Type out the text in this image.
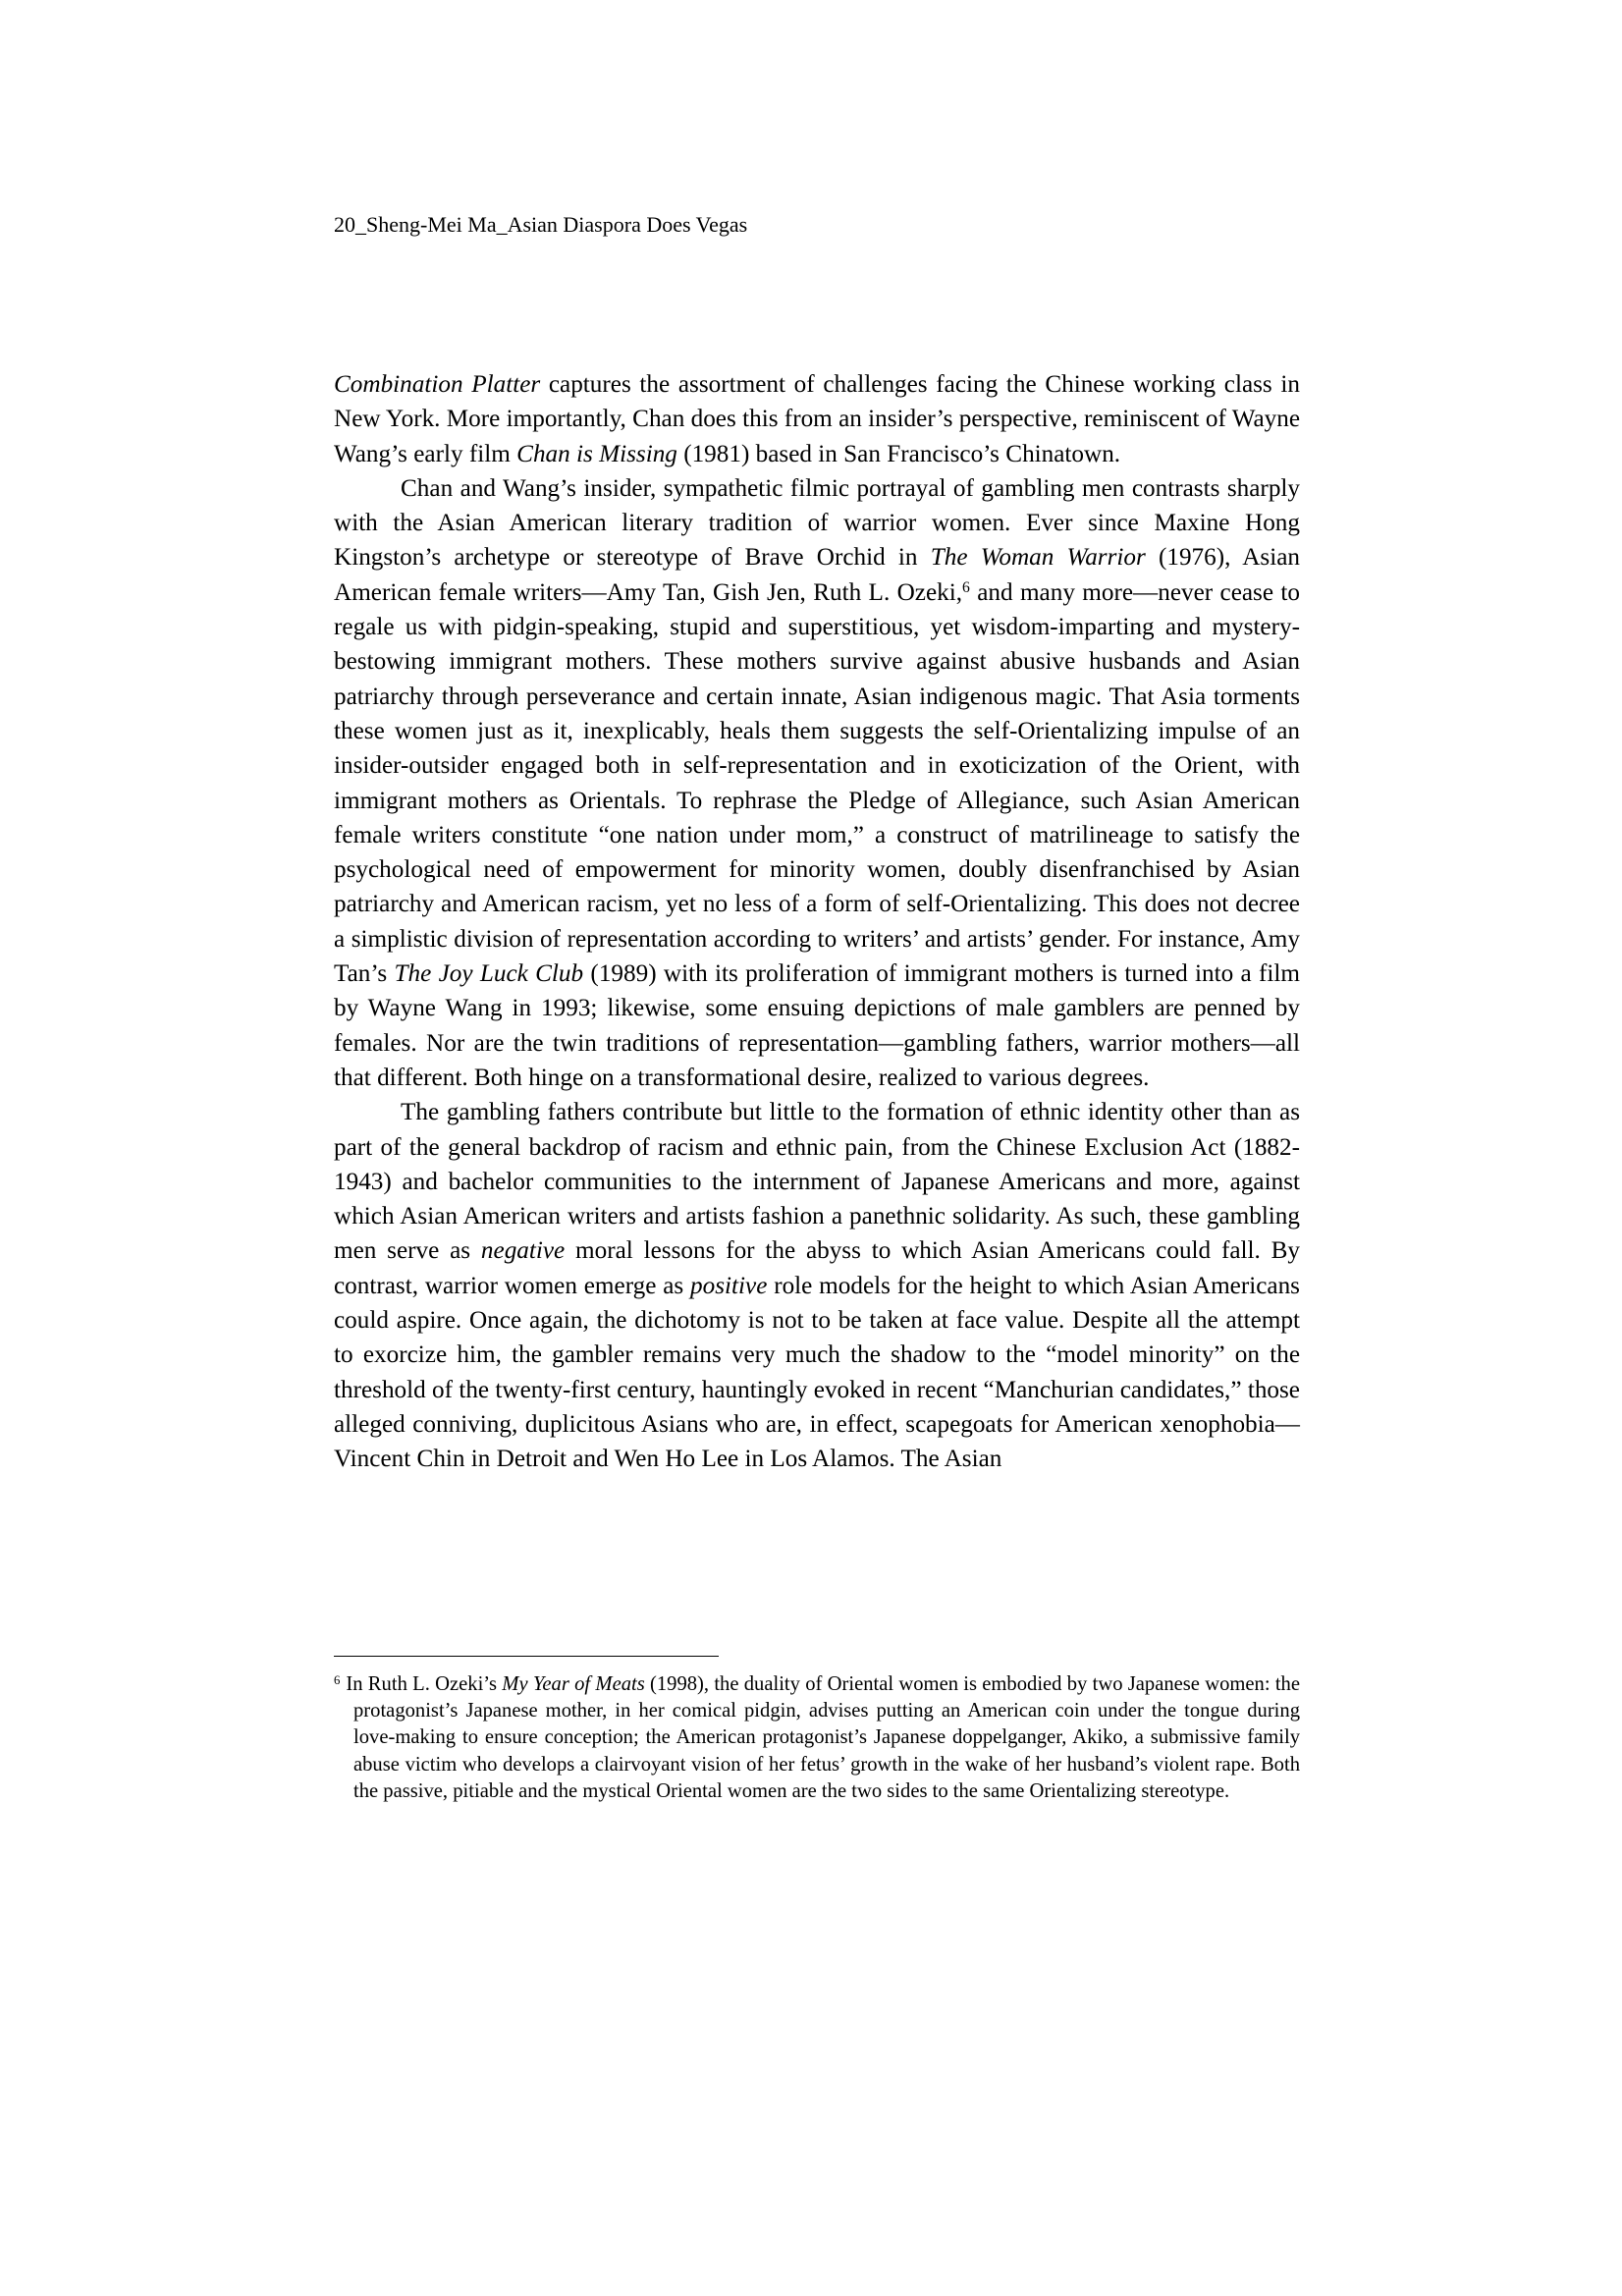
20_Sheng-Mei Ma_Asian Diaspora Does Vegas

Combination Platter captures the assortment of challenges facing the Chinese working class in New York. More importantly, Chan does this from an insider’s perspective, reminiscent of Wayne Wang’s early film Chan is Missing (1981) based in San Francisco’s Chinatown.

Chan and Wang’s insider, sympathetic filmic portrayal of gambling men contrasts sharply with the Asian American literary tradition of warrior women. Ever since Maxine Hong Kingston’s archetype or stereotype of Brave Orchid in The Woman Warrior (1976), Asian American female writers—Amy Tan, Gish Jen, Ruth L. Ozeki,$^6$ and many more—never cease to regale us with pidgin-speaking, stupid and superstitious, yet wisdom-imparting and mystery-bestowing immigrant mothers. These mothers survive against abusive husbands and Asian patriarchy through perseverance and certain innate, Asian indigenous magic. That Asia torments these women just as it, inexplicably, heals them suggests the self-Orientalizing impulse of an insider-outsider engaged both in self-representation and in exoticization of the Orient, with immigrant mothers as Orientals. To rephrase the Pledge of Allegiance, such Asian American female writers constitute “one nation under mom,” a construct of matrilineage to satisfy the psychological need of empowerment for minority women, doubly disenfranchised by Asian patriarchy and American racism, yet no less of a form of self-Orientalizing. This does not decree a simplistic division of representation according to writers’ and artists’ gender. For instance, Amy Tan’s The Joy Luck Club (1989) with its proliferation of immigrant mothers is turned into a film by Wayne Wang in 1993; likewise, some ensuing depictions of male gamblers are penned by females. Nor are the twin traditions of representation—gambling fathers, warrior mothers—all that different. Both hinge on a transformational desire, realized to various degrees.

The gambling fathers contribute but little to the formation of ethnic identity other than as part of the general backdrop of racism and ethnic pain, from the Chinese Exclusion Act (1882-1943) and bachelor communities to the internment of Japanese Americans and more, against which Asian American writers and artists fashion a panethnic solidarity. As such, these gambling men serve as negative moral lessons for the abyss to which Asian Americans could fall. By contrast, warrior women emerge as positive role models for the height to which Asian Americans could aspire. Once again, the dichotomy is not to be taken at face value. Despite all the attempt to exorcize him, the gambler remains very much the shadow to the “model minority” on the threshold of the twenty-first century, hauntingly evoked in recent “Manchurian candidates,” those alleged conniving, duplicitous Asians who are, in effect, scapegoats for American xenophobia—Vincent Chin in Detroit and Wen Ho Lee in Los Alamos. The Asian

$^6$ In Ruth L. Ozeki’s My Year of Meats (1998), the duality of Oriental women is embodied by two Japanese women: the protagonist’s Japanese mother, in her comical pidgin, advises putting an American coin under the tongue during love-making to ensure conception; the American protagonist’s Japanese doppelganger, Akiko, a submissive family abuse victim who develops a clairvoyant vision of her fetus’ growth in the wake of her husband’s violent rape. Both the passive, pitiable and the mystical Oriental women are the two sides to the same Orientalizing stereotype.
